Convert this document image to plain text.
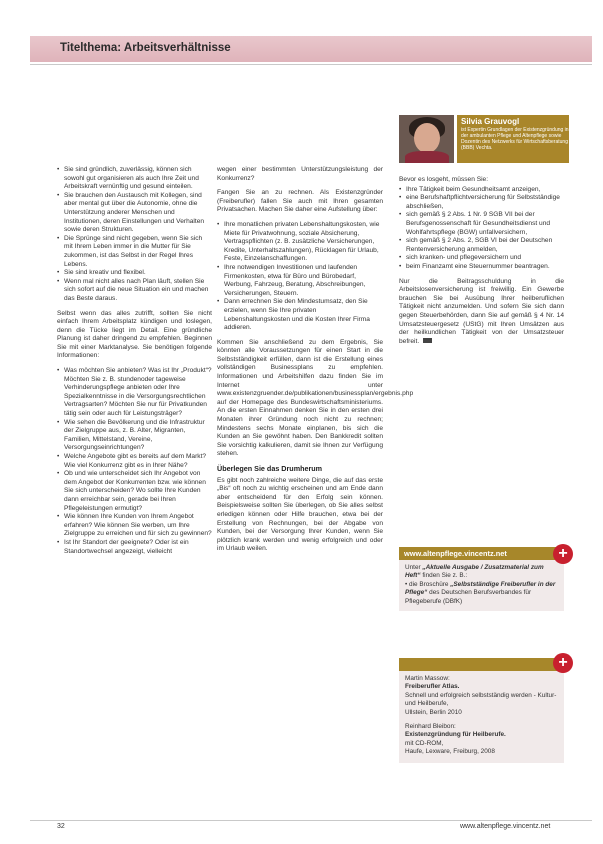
Titelthema: Arbeitsverhältnisse
Silvia Grauvogl
ist Expertin Grundlagen der Existenzgründung in der ambulanten Pflege und Altenpflege sowie Dozentin des Netzwerks für Wirtschaftsberatung (BBB) Vechta.
• Sie sind gründlich, zuverlässig, können sich sowohl gut organisieren als auch Ihre Zeit und Arbeitskraft vernünftig und gesund einteilen.
• Sie brauchen den Austausch mit Kollegen, sind aber mental gut über die Autonomie, ohne die Unterstützung anderer Menschen und Institutionen, deren Einstellungen und Verhalten sowie deren Strukturen.
• Die Sprünge sind nicht gegeben, wenn Sie sich mit Ihrem Leben immer in die Mutter für Sie zukommen, ist das Selbst in der Regel Ihres Lebens.
• Sie sind kreativ und flexibel.
• Wenn mal nicht alles nach Plan läuft, stellen Sie sich sofort auf die neue Situation ein und machen das Beste daraus.

Selbst wenn das alles zutrifft, sollten Sie nicht einfach Ihrem Arbeitsplatz kündigen und loslegen, denn die Tücke liegt im Detail. Eine gründliche Planung ist daher dringend zu empfehlen. Beginnen Sie mit einer Marktanalyse. Sie benötigen folgende Informationen:

• Was möchten Sie anbieten? Was ist Ihr „Produkt“? Möchten Sie z. B. stundenoder tageweise Verhinderungspflege anbieten oder Ihre Spezialkenntnisse in die Versorgungsrechtlichen Vertragsarten? Möchten Sie nur für Privatkunden tätig sein oder auch für Leistungsträger?
• Wie sehen die Bevölkerung und die Infrastruktur der Zielgruppe aus, z. B. Alter, Migranten, Familien, Mittelstand, Vereine, Versorgungseinrichtungen?
• Welche Angebote gibt es bereits auf dem Markt? Wie viel Konkurrenz gibt es in Ihrer Nähe?
• Ob und wie unterscheidet sich Ihr Angebot von dem Angebot der Konkurrenten bzw. wie können Sie sich unterscheiden? Wo sollte Ihre Kunden dann erreichbar sein, gerade bei Ihren Pflegeleistungen ermutigt?
• Wie können Ihre Kunden von Ihrem Angebot erfahren? Wie können Sie werben, um Ihre Zielgruppe zu erreichen und für sich zu gewinnen?
• Ist Ihr Standort der geeignete? Oder ist ein Standortwechsel angezeigt, vielleicht

wegen einer bestimmten Unterstützungsleistung der Konkurrenz?

Fangen Sie an zu rechnen. Als Existenzgründer (Freiberufler) fallen Sie auch mit Ihren gesamten Privatsachen. Machen Sie daher eine Aufstellung über:

• Ihre monatlichen privaten Lebenshaltungskosten, wie Miete für Privatwohnung, soziale Absicherung, Vertragspflichten (z. B. zusätzliche Versicherungen, Kredite, Unterhaltszahlungen), Rücklagen für Urlaub, Feste, Einzelanschaffungen.
• Ihre notwendigen Investitionen und laufenden Firmenkosten, etwa für Büro und Bürobedarf, Werbung, Fahrzeug, Beratung, Abschreibungen, Versicherungen, Steuern.
• Dann errechnen Sie den Mindestumsatz, den Sie erzielen, wenn Sie Ihre privaten Lebenshaltungskosten und die Kosten Ihrer Firma addieren.

Kommen Sie anschließend zu dem Ergebnis, Sie könnten alle Voraussetzungen für einen Start in die Selbstständigkeit erfüllen, dann ist die Erstellung eines vollständigen Businessplans zu empfehlen. Informationen und Arbeitshilfen dazu finden Sie im Internet unter www.existenzgruender.de/publikationen/businessplan/ergebnis.php auf der Homepage des Bundeswirtschaftsministeriums. An die ersten Einnahmen denken Sie in den ersten drei Monaten ihrer Gründung noch nicht zu rechnen; Mindestens sechs Monate einplanen, bis sich die Kunden an Sie gewöhnt haben. Den Bankkredit sollten Sie vorsichtig kalkulieren, damit sie Ihnen zur Verfügung stehen.

Überlegen Sie das Drumherum

Es gibt noch zahlreiche weitere Dinge, die auf das erste „Bis“ oft noch zu wichtig erscheinen und am Ende dann aber entscheidend für den Erfolg sein können. Beispielsweise sollten Sie überlegen, ob Sie alles selbst erledigen können oder Hilfe brauchen, etwa bei der Erstellung von Rechnungen, bei der Abgabe von Kunden, bei der Versorgung Ihrer Kunden, wenn Sie plötzlich krank werden und wenig erfolgreich und oder im Urlaub weilen.

Bevor es losgeht, müssen Sie:

• Ihre Tätigkeit beim Gesundheitsamt anzeigen,
• eine Berufshaftpflichtversicherung für Selbstständige abschließen,
• sich gemäß § 2 Abs. 1 Nr. 9 SGB VII bei der Berufsgenossenschaft für Gesundheitsdienst und Wohlfahrtspflege (BGW) unfallversichern,
• sich gemäß § 2 Abs. 2, SGB VI bei der Deutschen Rentenversicherung anmelden,
• sich kranken- und pflegeversichern und
• beim Finanzamt eine Steuernummer beantragen.

Nur die Beitragsschuldung in die Arbeitslosenversicherung ist freiwillig. Ein Gewerbe brauchen Sie bei Ausübung Ihrer heilberuflichen Tätigkeit nicht anzumelden. Und sofern Sie sich dann gegen Steuerbehörden, dann Sie auf gemäß § 4 Nr. 14 Umsatzsteuergesetz (UStG) mit Ihren Umsätzen aus der heilkundlichen Tätigkeit von der Umsatzsteuer befreit.

www.altenpflege.vincentz.net
Unter „Aktuelle Ausgabe / Zusatzmaterial zum Heft“ finden Sie z. B.:
• die Broschüre „Selbstständige Freiberufler in der Pflege“ des Deutschen Berufsverbandes für Pflegeberufe (DBfK)
+
Martin Massow:
Freiberufler Atlas.
Schnell und erfolgreich selbstständig werden - Kultur- und Heilberufe,
Ullstein, Berlin 2010
Reinhard Bleibon:
Existenzgründung für Heilberufe.
mit CD-ROM,
Haufe, Lexware, Freiburg, 2008
+
32	www.altenpflege.vincentz.net
